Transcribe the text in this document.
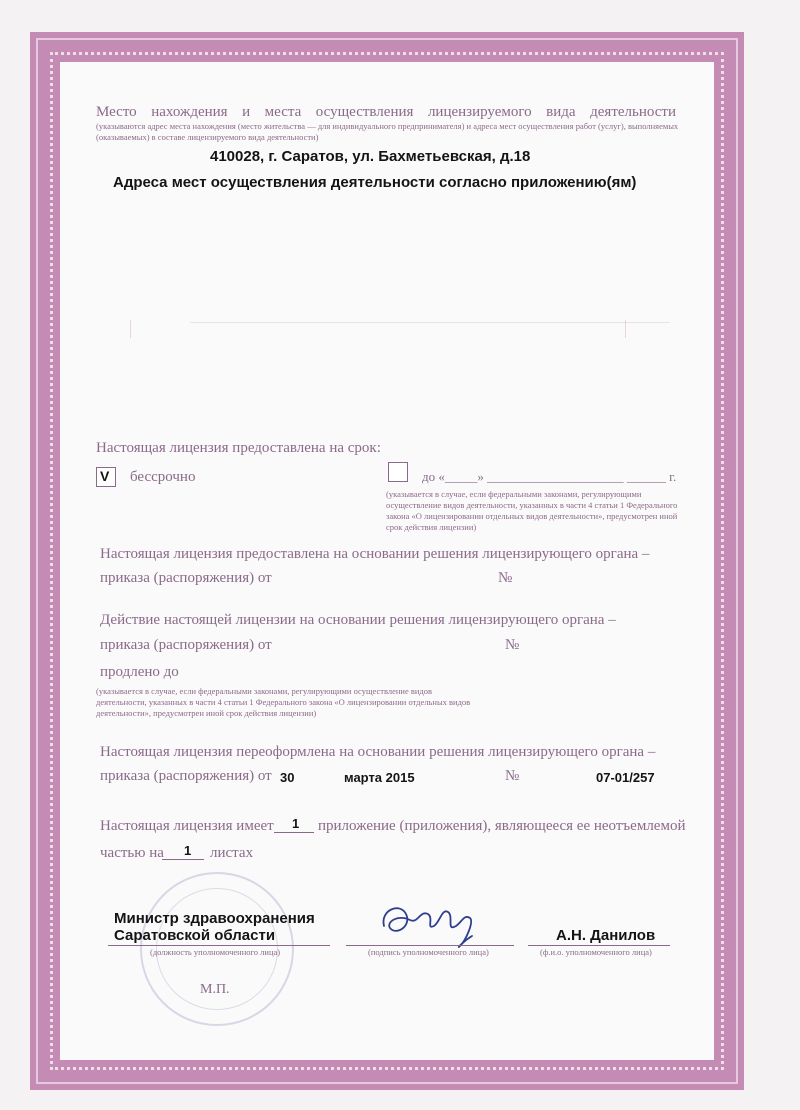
Место нахождения и места осуществления лицензируемого вида деятельности
(указываются адрес места нахождения (место жительства — для индивидуального предпринимателя) и адреса мест осуществления работ (услуг), выполняемых (оказываемых) в составе лицензируемого вида деятельности)
410028, г. Саратов, ул. Бахметьевская, д.18
Адреса мест осуществления деятельности согласно приложению(ям)
Настоящая лицензия предоставлена на срок:
V бессрочно	до «_____» _____________________ ______ г.
(указывается в случае, если федеральными законами, регулирующими осуществление видов деятельности, указанных в части 4 статьи 1 Федерального закона «О лицензировании отдельных видов деятельности», предусмотрен иной срок действия лицензии)
Настоящая лицензия предоставлена на основании решения лицензирующего органа –
приказа (распоряжения) от	№
Действие настоящей лицензии на основании решения лицензирующего органа –
приказа (распоряжения) от	№
продлено до
(указывается в случае, если федеральными законами, регулирующими осуществление видов деятельности, указанных в части 4 статьи 1 Федерального закона «О лицензировании отдельных видов деятельности», предусмотрен иной срок действия лицензии)
Настоящая лицензия переоформлена на основании решения лицензирующего органа –
приказа (распоряжения) от 30	марта 2015	№	07-01/257
Настоящая лицензия имеет 1 приложение (приложения), являющееся ее неотъемлемой
частью на 1 листах
Министр здравоохранения
Саратовской области
(должность уполномоченного лица)	(подпись уполномоченного лица)
А.Н. Данилов
(ф.и.о. уполномоченного лица)
М.П.
